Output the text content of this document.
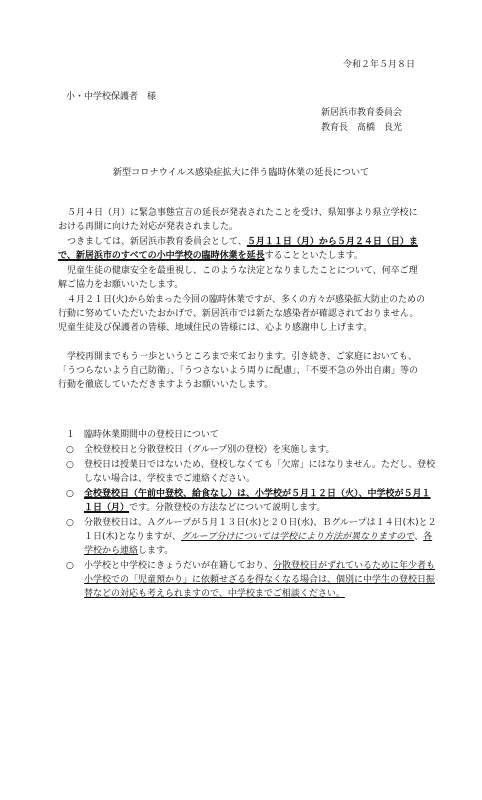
令和２年５月８日
小・中学校保護者　様
新居浜市教育委員会
教育長　髙橋　良光
新型コロナウイルス感染症拡大に伴う臨時休業の延長について

５月４日（月）に緊急事態宣言の延長が発表されたことを受け、県知事より県立学校における再開に向けた対応が発表されました。

つきましては、新居浜市教育委員会として、５月１１日（月）から５月２４日（日）まで、新居浜市のすべての小中学校の臨時休業を延長することといたします。

児童生徒の健康安全を最重視し、このような決定となりましたことについて、何卒ご理解ご協力をお願いいたします。

４月２１日(火)から始まった今回の臨時休業ですが、多くの方々が感染拡大防止のための行動に努めていただいたおかげで、新居浜市では新たな感染者が確認されておりません。児童生徒及び保護者の皆様、地域住民の皆様には、心より感謝申し上げます。

学校再開までもう一歩というところまで来ております。引き続き、ご家庭においても、「うつらないよう自己防衛」、「うつさないよう周りに配慮」、「不要不急の外出自粛」等の行動を徹底していただきますようお願いいたします。

１　臨時休業期間中の登校日について
○ 全校登校日と分散登校日（グループ別の登校）を実施します。
○ 登校日は授業日ではないため、登校しなくても「欠席」にはなりません。ただし、登校しない場合は、学校までご連絡ください。
○ 全校登校日（午前中登校、給食なし）は、小学校が５月１２日（火）、中学校が５月１１日（月）です。分散登校の方法などについて説明します。
○ 分散登校日は、Ａグループが５月１３日(水)と２０日(水)、Ｂグループは１４日(木)と２１日(木)となりますが、グループ分けについては学校により方法が異なりますので、各学校から連絡します。
○ 小学校と中学校にきょうだいが在籍しており、分散登校日がずれているために年少者も小学校での「児童預かり」に依頼せざるを得なくなる場合は、個別に中学生の登校日振替などの対応も考えられますので、中学校までご相談ください。
